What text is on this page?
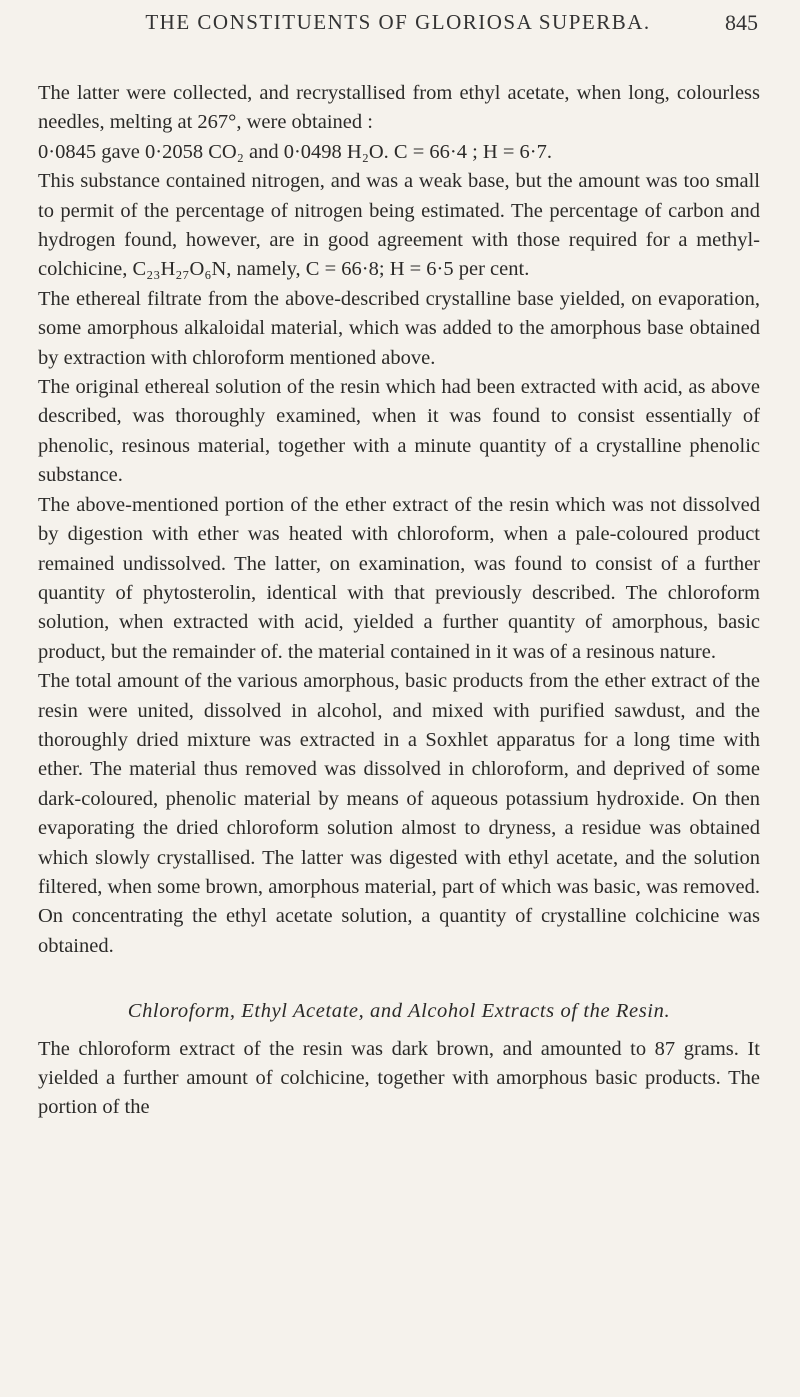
THE CONSTITUENTS OF GLORIOSA SUPERBA.	845

The latter were collected, and recrystallised from ethyl acetate, when long, colourless needles, melting at 267°, were obtained :

0·0845 gave 0·2058 CO₂ and 0·0498 H₂O. C = 66·4 ; H = 6·7.

This substance contained nitrogen, and was a weak base, but the amount was too small to permit of the percentage of nitrogen being estimated. The percentage of carbon and hydrogen found, however, are in good agreement with those required for a methyl-colchicine, C₂₃H₂₇O₆N, namely, C = 66·8; H = 6·5 per cent.

The ethereal filtrate from the above-described crystalline base yielded, on evaporation, some amorphous alkaloidal material, which was added to the amorphous base obtained by extraction with chloroform mentioned above.

The original ethereal solution of the resin which had been extracted with acid, as above described, was thoroughly examined, when it was found to consist essentially of phenolic, resinous material, together with a minute quantity of a crystalline phenolic substance.

The above-mentioned portion of the ether extract of the resin which was not dissolved by digestion with ether was heated with chloroform, when a pale-coloured product remained undissolved. The latter, on examination, was found to consist of a further quantity of phytosterolin, identical with that previously described. The chloroform solution, when extracted with acid, yielded a further quantity of amorphous, basic product, but the remainder of. the material contained in it was of a resinous nature.

The total amount of the various amorphous, basic products from the ether extract of the resin were united, dissolved in alcohol, and mixed with purified sawdust, and the thoroughly dried mixture was extracted in a Soxhlet apparatus for a long time with ether. The material thus removed was dissolved in chloroform, and deprived of some dark-coloured, phenolic material by means of aqueous potassium hydroxide. On then evaporating the dried chloroform solution almost to dryness, a residue was obtained which slowly crystallised. The latter was digested with ethyl acetate, and the solution filtered, when some brown, amorphous material, part of which was basic, was removed. On concentrating the ethyl acetate solution, a quantity of crystalline colchicine was obtained.

Chloroform, Ethyl Acetate, and Alcohol Extracts of the Resin.

The chloroform extract of the resin was dark brown, and amounted to 87 grams. It yielded a further amount of colchicine, together with amorphous basic products. The portion of the
